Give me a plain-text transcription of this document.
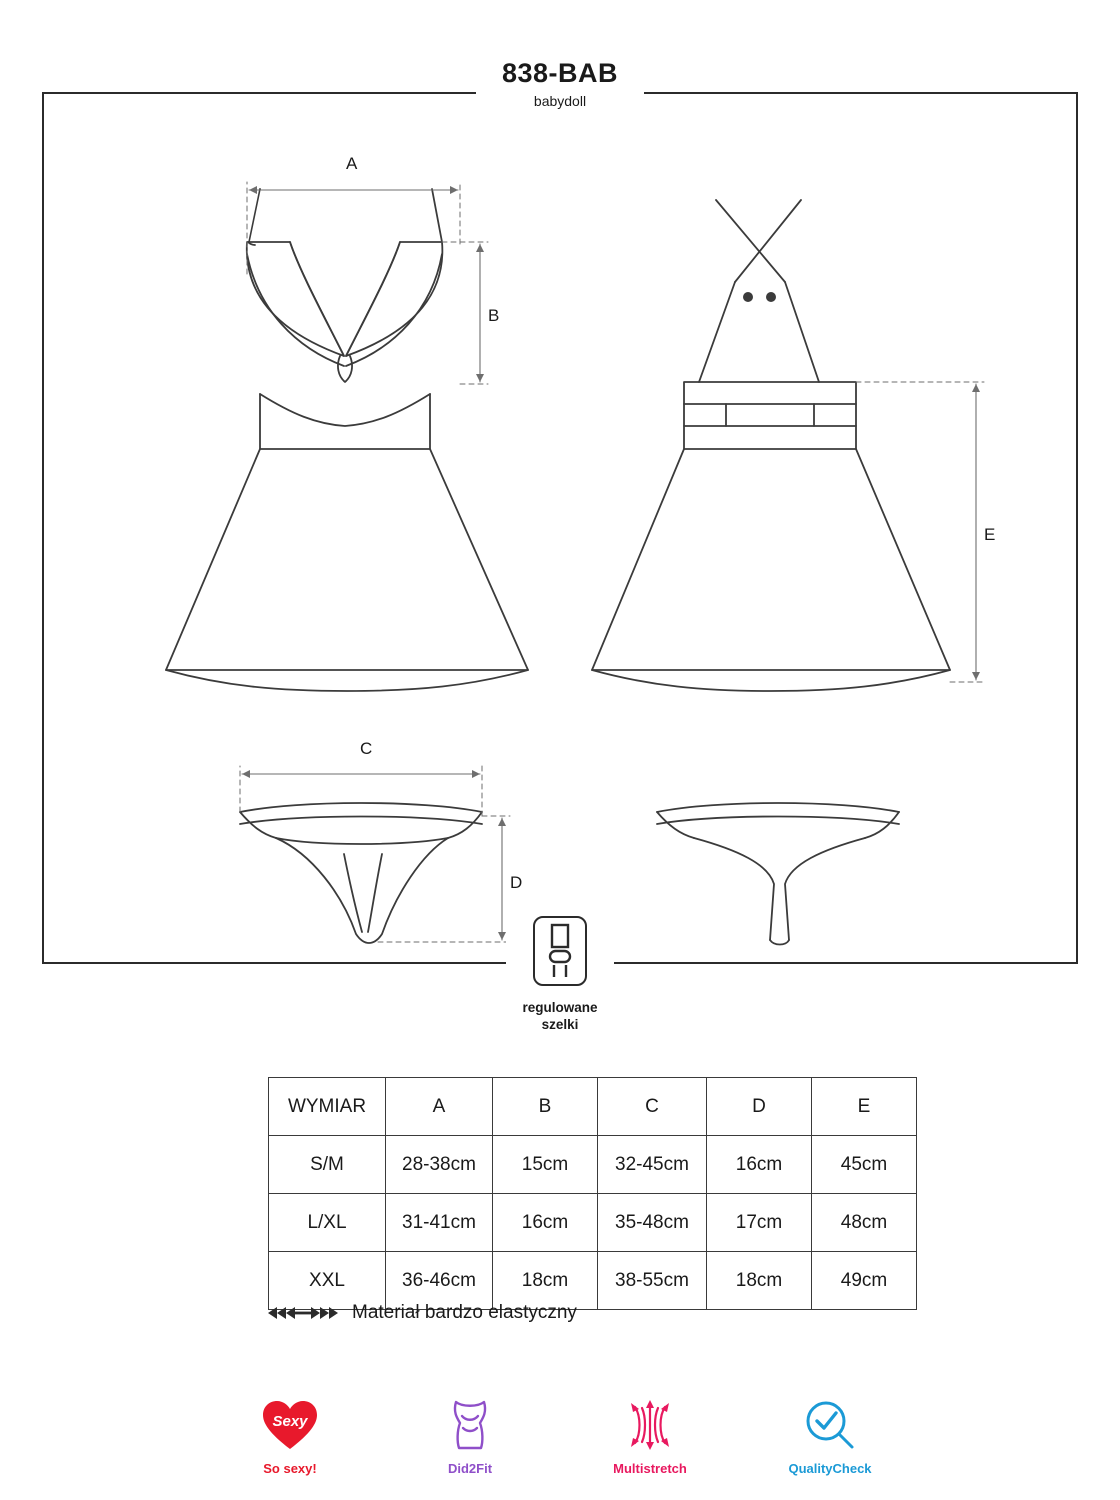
A
B
C
D
E
838-BAB
babydoll
regulowane
szelki
WYMIAR	A	B	C	D	E
S/M	28-38cm	15cm	32-45cm	16cm	45cm
L/XL	31-41cm	16cm	35-48cm	17cm	48cm
XXL	36-46cm	18cm	38-55cm	18cm	49cm
Materiał bardzo elastyczny
Sexy
So sexy!	Did2Fit	Multistretch	QualityCheck
